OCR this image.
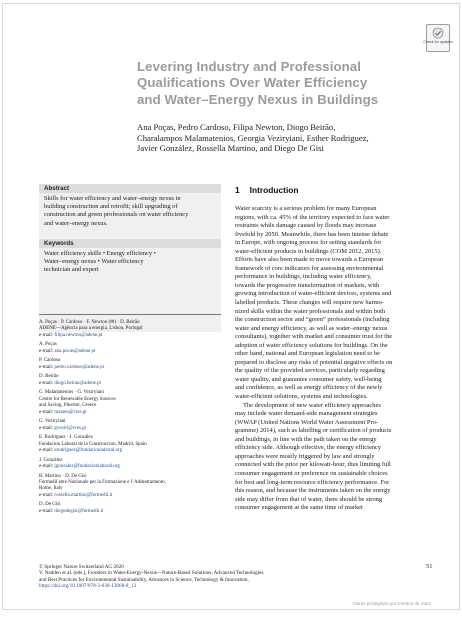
Check for updates
Levering Industry and Professional
Qualifications Over Water Efficiency
and Water–Energy Nexus in Buildings
Ana Poças, Pedro Cardoso, Filipa Newton, Diogo Beirão,
Charalampos Malamatenios, Georgia Veziryiani, Esther Rodriguez,
Javier González, Rossella Martino, and Diego De Gisi
Abstract
Skills for water efficiency and water–energy nexus in
building construction and retrofit; skill upgrading of
construction and green professionals on water efficiency
and water–energy nexus.
Keywords
Water efficiency skills • Energy efficiency •
Water–energy nexus • Water efficiency
technician and expert
A. Poças · P. Cardoso · F. Newton (✉) · D. Beirão
ADENE—Agência para a energia, Lisbon, Portugal
e-mail: filipa.newton@adene.pt
A. Poças
e-mail: ana.pocas@adene.pt
P. Cardoso
e-mail: pedro.cardoso@adene.pt
D. Beirão
e-mail: diogo.beirao@adene.pt
C. Malamatenios · G. Veziryiani
Centre for Renewable Energy Sources
and Saving, Pikermi, Greece
e-mail: mataen@cres.gr
G. Veziryiani
e-mail: gveziri@cres.gr
E. Rodriguez · J. González
Fundacion Laboral de la Construccion, Madrid, Spain
e-mail: erodriguez@fundacionlaboral.org
J. González
e-mail: jgonzalez@fundacionlaboral.org
R. Martino · D. De Gisi
Formedil ente Nazionale per la Formazione e l' Addestramento,
Rome, Italy
e-mail: rossella.martino@formedil.it
D. De Gisi
e-mail: diegodegisi@formedil.it
1 Introduction
Water scarcity is a serious problem for many European
regions, with ca. 45% of the territory expected to face water
restraints while damage caused by floods may increase
fivefold by 2050. Meanwhile, there has been intense debate
in Europe, with ongoing process for setting standards for
water-efficient products in buildings (COM 2012, 2015).
Efforts have also been made to move towards a European
framework of core indicators for assessing environmental
performance in buildings, including water efficiency,
towards the progressive transformation of markets, with
growing introduction of water-efficient devices, systems and
labelled products. These changes will require new harmo-
nized skills within the water professionals and within both
the construction sector and “green” professionals (including
water and energy efficiency, as well as water–energy nexus
consultants), together with market and consumer trust for the
adoption of water efficiency solutions for buildings. On the
other hand, national and European legislation need to be
prepared to disclose any risks of potential negative effects on
the quality of the provided services, particularly regarding
water quality, and guarantee consumer safety, well-being
and confidence, as well as energy efficiency of the newly
water-efficient solutions, systems and technologies.
The development of new water efficiency approaches
may include water demand-side management strategies
(WWAP (United Nations World Water Assessment Pro-
gramme) 2014), such as labelling or certification of products
and buildings, in line with the path taken on the energy
efficiency side. Although effective, the energy efficiency
approaches were mostly triggered by law and strongly
connected with the price per kilowatt-hour, thus limiting full
consumer engagement or preference on sustainable choices
for best and long-term resource efficiency performance. For
this reason, and because the instruments taken on the energy
side may differ from that of water, there should be strong
consumer engagement at the same time of market
© Springer Nature Switzerland AG 2020
V. Naddeo et al. (eds.), Frontiers in Water-Energy-Nexus—Nature-Based Solutions, Advanced Technologies
and Best Practices for Environmental Sustainability, Advances in Science, Technology & Innovation,
https://doi.org/10.1007/978-3-030-13068-8_12
51
Obras protegidas por Direitos de Autor
